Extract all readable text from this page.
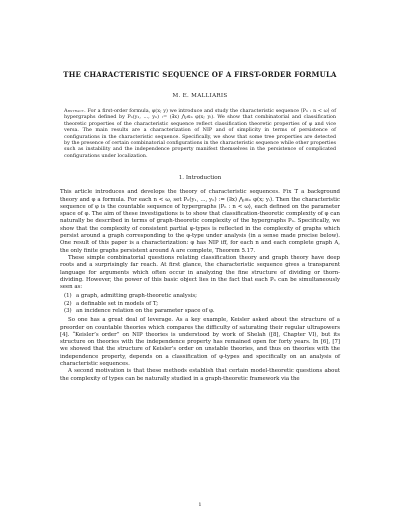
THE CHARACTERISTIC SEQUENCE OF A FIRST-ORDER FORMULA
M. E. MALLIARIS
Abstract. For a first-order formula, φ(x; y) we introduce and study the characteristic sequence ⟨Pₙ : n < ω⟩ of hypergraphs defined by Pₙ(y₁, ..., yₙ) := (∃x) ⋀ᵢ≤ₙ φ(x; yᵢ). We show that combinatorial and classification theoretic properties of the characteristic sequence reflect classification theoretic properties of φ and vice versa. The main results are a characterization of NIP and of simplicity in terms of persistence of configurations in the characteristic sequence. Specifically, we show that some tree properties are detected by the presence of certain combinatorial configurations in the characteristic sequence while other properties such as instability and the independence property manifest themselves in the persistence of complicated configurations under localization.
1. Introduction

This article introduces and develops the theory of characteristic sequences. Fix T a background theory and φ a formula. For each n < ω, set Pₙ(y₁, ..., yₙ) := (∃x) ⋀ᵢ≤ₙ φ(x; yᵢ). Then the characteristic sequence of φ is the countable sequence of hypergraphs ⟨Pₙ : n < ω⟩, each defined on the parameter space of φ. The aim of these investigations is to show that classification-theoretic complexity of φ can naturally be described in terms of graph-theoretic complexity of the hypergraphs Pₙ. Specifically, we show that the complexity of consistent partial φ-types is reflected in the complexity of graphs which persist around a graph corresponding to the φ-type under analysis (in a sense made precise below). One result of this paper is a characterization: φ has NIP iff, for each n and each complete graph A, the only finite graphs persistent around A are complete, Theorem 5.17.

These simple combinatorial questions relating classification theory and graph theory have deep roots and a surprisingly far reach. At first glance, the characteristic sequence gives a transparent language for arguments which often occur in analyzing the fine structure of dividing or thorn-dividing. However, the power of this basic object lies in the fact that each Pₙ can be simultaneously seen as:

(1) a graph, admitting graph-theoretic analysis;
(2) a definable set in models of T;
(3) an incidence relation on the parameter space of φ.

So one has a great deal of leverage. As a key example, Keisler asked about the structure of a preorder on countable theories which compares the difficulty of saturating their regular ultrapowers [4]. “Keisler’s order” on NIP theories is understood by work of Shelah ([8], Chapter VI), but its structure on theories with the independence property has remained open for forty years. In [6], [7] we showed that the structure of Keisler’s order on unstable theories, and thus on theories with the independence property, depends on a classification of φ-types and specifically on an analysis of characteristic sequences.

A second motivation is that these methods establish that certain model-theoretic questions about the complexity of types can be naturally studied in a graph-theoretic framework via the

1
